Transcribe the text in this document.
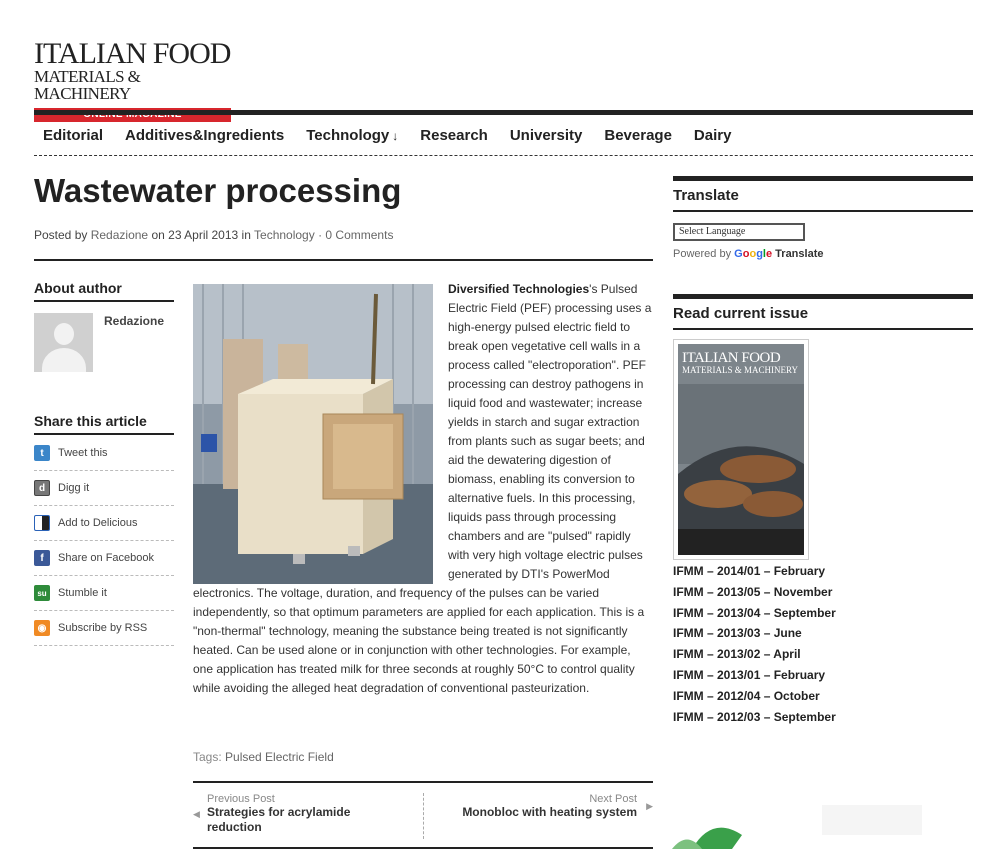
ITALIAN FOOD
MATERIALS & MACHINERY
ONLINE MAGAZINE
Editorial Additives&Ingredients Technology ↓ Research University Beverage Dairy
Wastewater processing
Posted by Redazione on 23 April 2013 in Technology · 0 Comments
About author
Redazione
Share this article
t	Tweet this
d	Digg it
Add to Delicious
f	Share on Facebook
su	Stumble it
◉	Subscribe by RSS
Diversified Technologies's Pulsed Electric Field (PEF) processing uses a high-energy pulsed electric field to break open vegetative cell walls in a process called "electroporation". PEF processing can destroy pathogens in liquid food and wastewater; increase yields in starch and sugar extraction from plants such as sugar beets; and aid the dewatering digestion of biomass, enabling its conversion to alternative fuels. In this processing, liquids pass through processing chambers and are "pulsed" rapidly with very high voltage electric pulses generated by DTI's PowerMod electronics. The voltage, duration, and frequency of the pulses can be varied independently, so that optimum parameters are applied for each application. This is a "non-thermal" technology, meaning the substance being treated is not significantly heated. Can be used alone or in conjunction with other technologies. For example, one application has treated milk for three seconds at roughly 50°C to control quality while avoiding the alleged heat degradation of conventional pasteurization.
Tags: Pulsed Electric Field
◀
Previous Post
Strategies for acrylamide reduction
Next Post
Monobloc with heating system ▶
Translate
Select Language
Powered by Google Translate
Read current issue
ITALIAN FOOD
MATERIALS & MACHINERY
IFMM – 2014/01 – February
IFMM – 2013/05 – November
IFMM – 2013/04 – September
IFMM – 2013/03 – June
IFMM – 2013/02 – April
IFMM – 2013/01 – February
IFMM – 2012/04 – October
IFMM – 2012/03 – September
